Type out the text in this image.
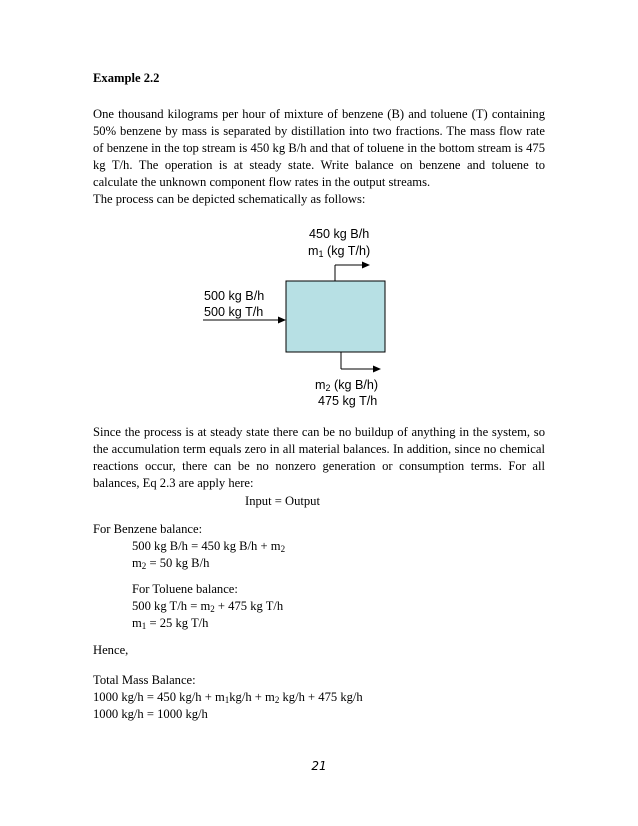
Example 2.2
One thousand kilograms per hour of mixture of benzene (B) and toluene (T) containing 50% benzene by mass is separated by distillation into two fractions. The mass flow rate of benzene in the top stream is 450 kg B/h and that of toluene in the bottom stream is 475 kg T/h. The operation is at steady state. Write balance on benzene and toluene to calculate the unknown component flow rates in the output streams.
The process can be depicted schematically as follows:
450 kg B/h
$m_1$ (kg T/h)
500 kg B/h
500 kg T/h
$m_2$ (kg B/h)
475 kg T/h
Since the process is at steady state there can be no buildup of anything in the system, so the accumulation term equals zero in all material balances. In addition, since no chemical reactions occur, there can be no nonzero generation or consumption terms. For all balances, Eq 2.3 are apply here:
Input = Output
For Benzene balance:
500 kg B/h = 450 kg $B/h + m_2$
$m_2 = 50$ kg B/h
For Toluene balance:
500 kg $T/h = m_2 + 475$ kg T/h
$m_1 = 25$ kg T/h
Hence,
Total Mass Balance:
1000 kg/h = 450 $kg/h + m_1kg/h + m_2$ kg/h + 475 kg/h
1000 kg/h = 1000 kg/h
21
